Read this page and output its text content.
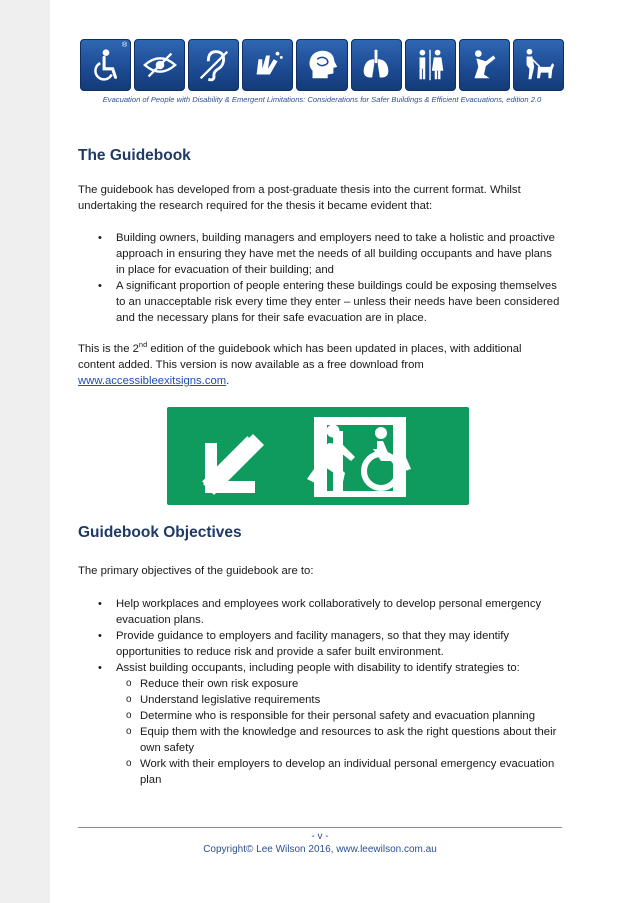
®
Evacuation of People with Disability & Emergent Limitations: Considerations for Safer Buildings & Efficient Evacuations, edition 2.0
The Guidebook
The guidebook has developed from a post-graduate thesis into the current format. Whilst undertaking the research required for the thesis it became evident that:
• Building owners, building managers and employers need to take a holistic and proactive approach in ensuring they have met the needs of all building occupants and have plans in place for evacuation of their building; and
• A significant proportion of people entering these buildings could be exposing themselves to an unacceptable risk every time they enter – unless their needs have been considered and the necessary plans for their safe evacuation are in place.
This is the 2nd edition of the guidebook which has been updated in places, with additional content added. This version is now available as a free download from www.accessibleexitsigns.com.
Guidebook Objectives
The primary objectives of the guidebook are to:
• Help workplaces and employees work collaboratively to develop personal emergency evacuation plans.
• Provide guidance to employers and facility managers, so that they may identify opportunities to reduce risk and provide a safer built environment.
• Assist building occupants, including people with disability to identify strategies to:
o Reduce their own risk exposure
o Understand legislative requirements
o Determine who is responsible for their personal safety and evacuation planning
o Equip them with the knowledge and resources to ask the right questions about their own safety
o Work with their employers to develop an individual personal emergency evacuation plan
- v -
Copyright© Lee Wilson 2016, www.leewilson.com.au
